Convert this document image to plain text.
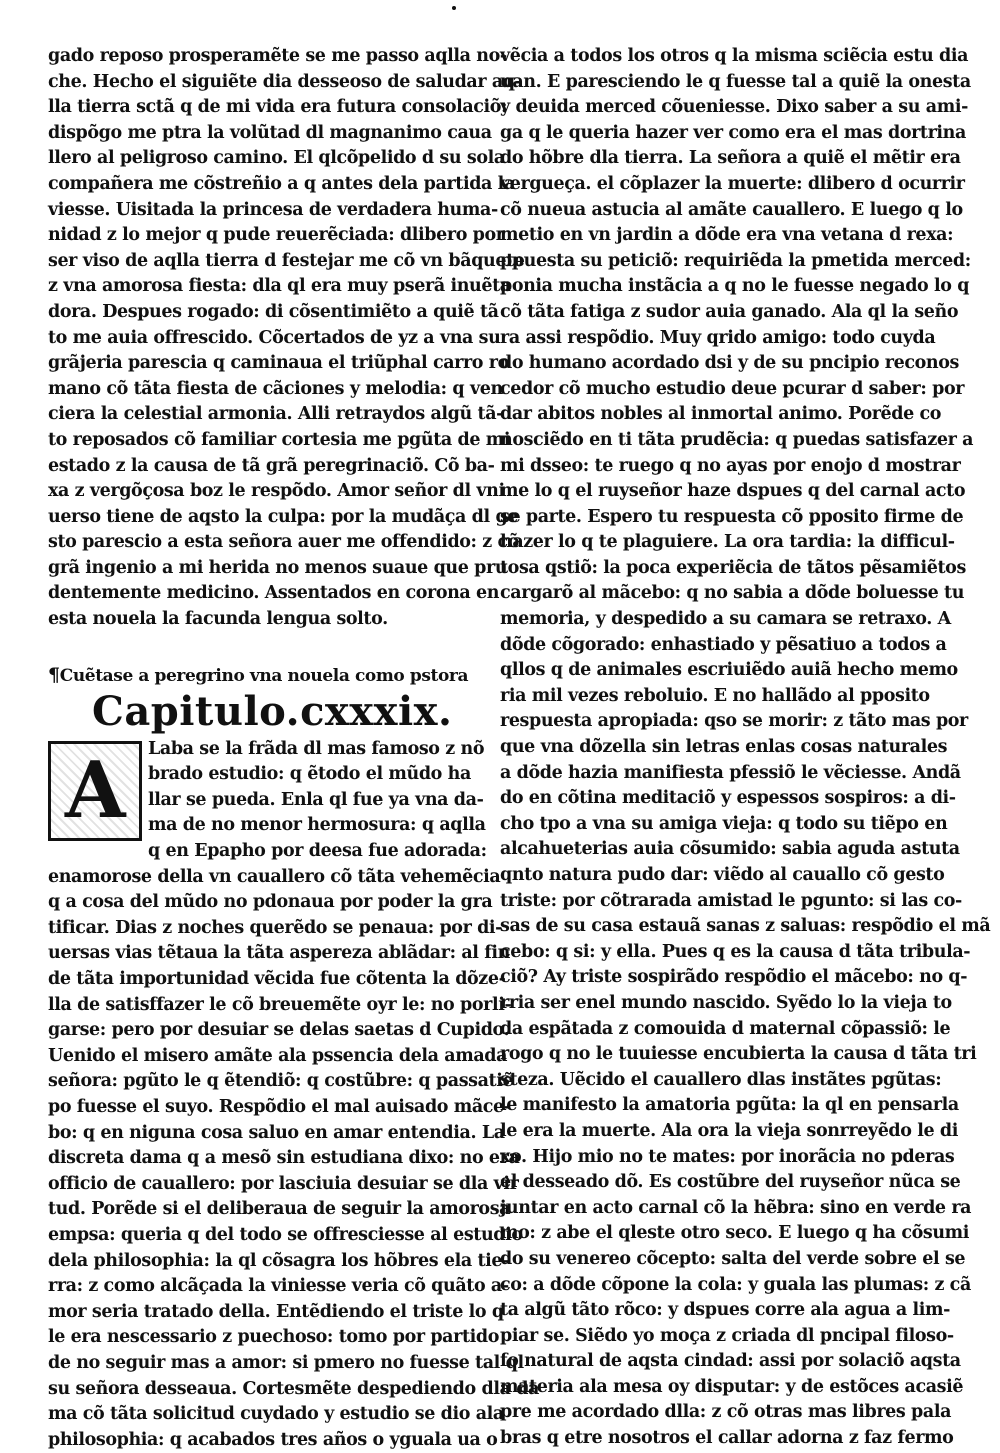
gado reposo prosperamẽte se me passo aqlla no-
che. Hecho el siguiẽte dia desseoso de saludar aq-
lla tierra sctã q de mi vida era futura consolaciõ:
dispõgo me ptra la volũtad dl magnanimo caua
llero al peligroso camino. El qlcõpelido d su sola
compañera me cõstreñio a q antes dela partida la
viesse. Uisitada la princesa de verdadera huma-
nidad z lo mejor q pude reuerẽciada: dlibero por
ser viso de aqlla tierra d festejar me cõ vn bãquete
z vna amorosa fiesta: dla ql era muy pserã inuẽta
dora. Despues rogado: di cõsentimiẽto a quiẽ tã
to me auia offrescido. Cõcertados de yz a vna su
grãjeria parescia q caminaua el triũphal carro ro
mano cõ tãta fiesta de cãciones y melodia: q ven
ciera la celestial armonia. Alli retraydos algũ tã-
to reposados cõ familiar cortesia me pgũta de mi
estado z la causa de tã grã peregrinaciõ. Cõ ba-
xa z vergõçosa boz le respõdo. Amor señor dl vni
uerso tiene de aqsto la culpa: por la mudãça dl ge
sto parescio a esta señora auer me offendido: z cõ
grã ingenio a mi herida no menos suaue que pru
dentemente medicino. Assentados en corona en
esta nouela la facunda lengua solto.
​¶Cuẽtase a peregrino vna nouela como pstora
Capitulo.cxxxix.
A	Laba se la frãda dl mas famoso z nõ
brado estudio: q ẽtodo el mũdo ha
llar se pueda. Enla ql fue ya vna da-
ma de no menor hermosura: q aqlla
q en Epapho por deesa fue adorada:
enamorose della vn cauallero cõ tãta vehemẽcia
q a cosa del mũdo no pdonaua por poder la gra
tificar. Dias z noches querẽdo se penaua: por di-
uersas vias tẽtaua la tãta aspereza ablãdar: al fin
de tãta importunidad vẽcida fue cõtenta la dõze-
lla de satisffazer le cõ breuemẽte oyr le: no porli-
garse: pero por desuiar se delas saetas d Cupido.
Uenido el misero amãte ala pssencia dela amada
señora: pgũto le q ẽtendiõ: q costũbre: q passatiẽ
po fuesse el suyo. Respõdio el mal auisado mãce-
bo: q en niguna cosa saluo en amar entendia. La
discreta dama q a mesõ sin estudiana dixo: no era
officio de cauallero: por lasciuia desuiar se dla vir
tud. Porẽde si el deliberaua de seguir la amorosa
empsa: queria q del todo se offresciesse al estudio
dela philosophia: la ql cõsagra los hõbres ela tie-
rra: z como alcãçada la viniesse veria cõ quãto a-
mor seria tratado della. Entẽdiendo el triste lo q
le era nescessario z puechoso: tomo por partido
de no seguir mas a amor: si pmero no fuesse tal ql
su señora desseaua. Cortesmẽte despediendo dla da
ma cõ tãta solicitud cuydado y estudio se dio ala
philosophia: q acabados tres años o yguala ua o
vẽcia a todos los otros q la misma sciẽcia estu dia
uan. E paresciendo le q fuesse tal a quiẽ la onesta
y deuida merced cõueniesse. Dixo saber a su ami-
ga q le queria hazer ver como era el mas dortrina
do hõbre dla tierra. La señora a quiẽ el mẽtir era
vergueça. el cõplazer la muerte: dlibero d ocurrir
cõ nueua astucia al amãte cauallero. E luego q lo
metio en vn jardin a dõde era vna vetana d rexa:
ppuesta su peticiõ: requiriẽda la pmetida merced:
ponia mucha instãcia a q no le fuesse negado lo q
cõ tãta fatiga z sudor auia ganado. Ala ql la seño
ra assi respõdio. Muy qrido amigo: todo cuyda
do humano acordado dsi y de su pncipio reconos
cedor cõ mucho estudio deue pcurar d saber: por
dar abitos nobles al inmortal animo. Porẽde co
nosciẽdo en ti tãta prudẽcia: q puedas satisfazer a
mi dsseo: te ruego q no ayas por enojo d mostrar
me lo q el ruyseñor haze dspues q del carnal acto
se parte. Espero tu respuesta cõ pposito firme de
hazer lo q te plaguiere. La ora tardia: la difficul-
tosa qstiõ: la poca experiẽcia de tãtos pẽsamiẽtos
cargarõ al mãcebo: q no sabia a dõde boluesse tu
memoria, y despedido a su camara se retraxo. A
dõde cõgorado: enhastiado y pẽsatiuo a todos a
qllos q de animales escriuiẽdo auiã hecho memo
ria mil vezes reboluio. E no hallãdo al pposito
respuesta apropiada: qso se morir: z tãto mas por
que vna dõzella sin letras enlas cosas naturales
a dõde hazia manifiesta pfessiõ le vẽciesse. Andã
do en cõtina meditaciõ y espessos sospiros: a di-
cho tpo a vna su amiga vieja: q todo su tiẽpo en
alcahueterias auia cõsumido: sabia aguda astuta
qnto natura pudo dar: viẽdo al cauallo cõ gesto
triste: por cõtrarada amistad le pgunto: si las co-
sas de su casa estauã sanas z saluas: respõdio el mã
cebo: q si: y ella. Pues q es la causa d tãta tribula-
ciõ? Ay triste sospirãdo respõdio el mãcebo: no q-
rria ser enel mundo nascido. Syẽdo lo la vieja to
da espãtada z comouida d maternal cõpassiõ: le
rogo q no le tuuiesse encubierta la causa d tãta tri
steza. Uẽcido el cauallero dlas instãtes pgũtas:
le manifesto la amatoria pgũta: la ql en pensarla
le era la muerte. Ala ora la vieja sonrreyẽdo le di
xo. Hijo mio no te mates: por inorãcia no pderas
el desseado dõ. Es costũbre del ruyseñor nũca se
juntar en acto carnal cõ la hẽbra: sino en verde ra
mo: z abe el qleste otro seco. E luego q ha cõsumi
do su venereo cõcepto: salta del verde sobre el se
co: a dõde cõpone la cola: y guala las plumas: z cã
ta algũ tãto rõco: y dspues corre ala agua a lim-
piar se. Siẽdo yo moça z criada dl pncipal filoso-
fo natural de aqsta cindad: assi por solaciõ aqsta
materia ala mesa oy disputar: y de estõces acasiẽ
pre me acordado dlla: z cõ otras mas libres pala
bras q etre nosotros el callar adorna z faz fermo
